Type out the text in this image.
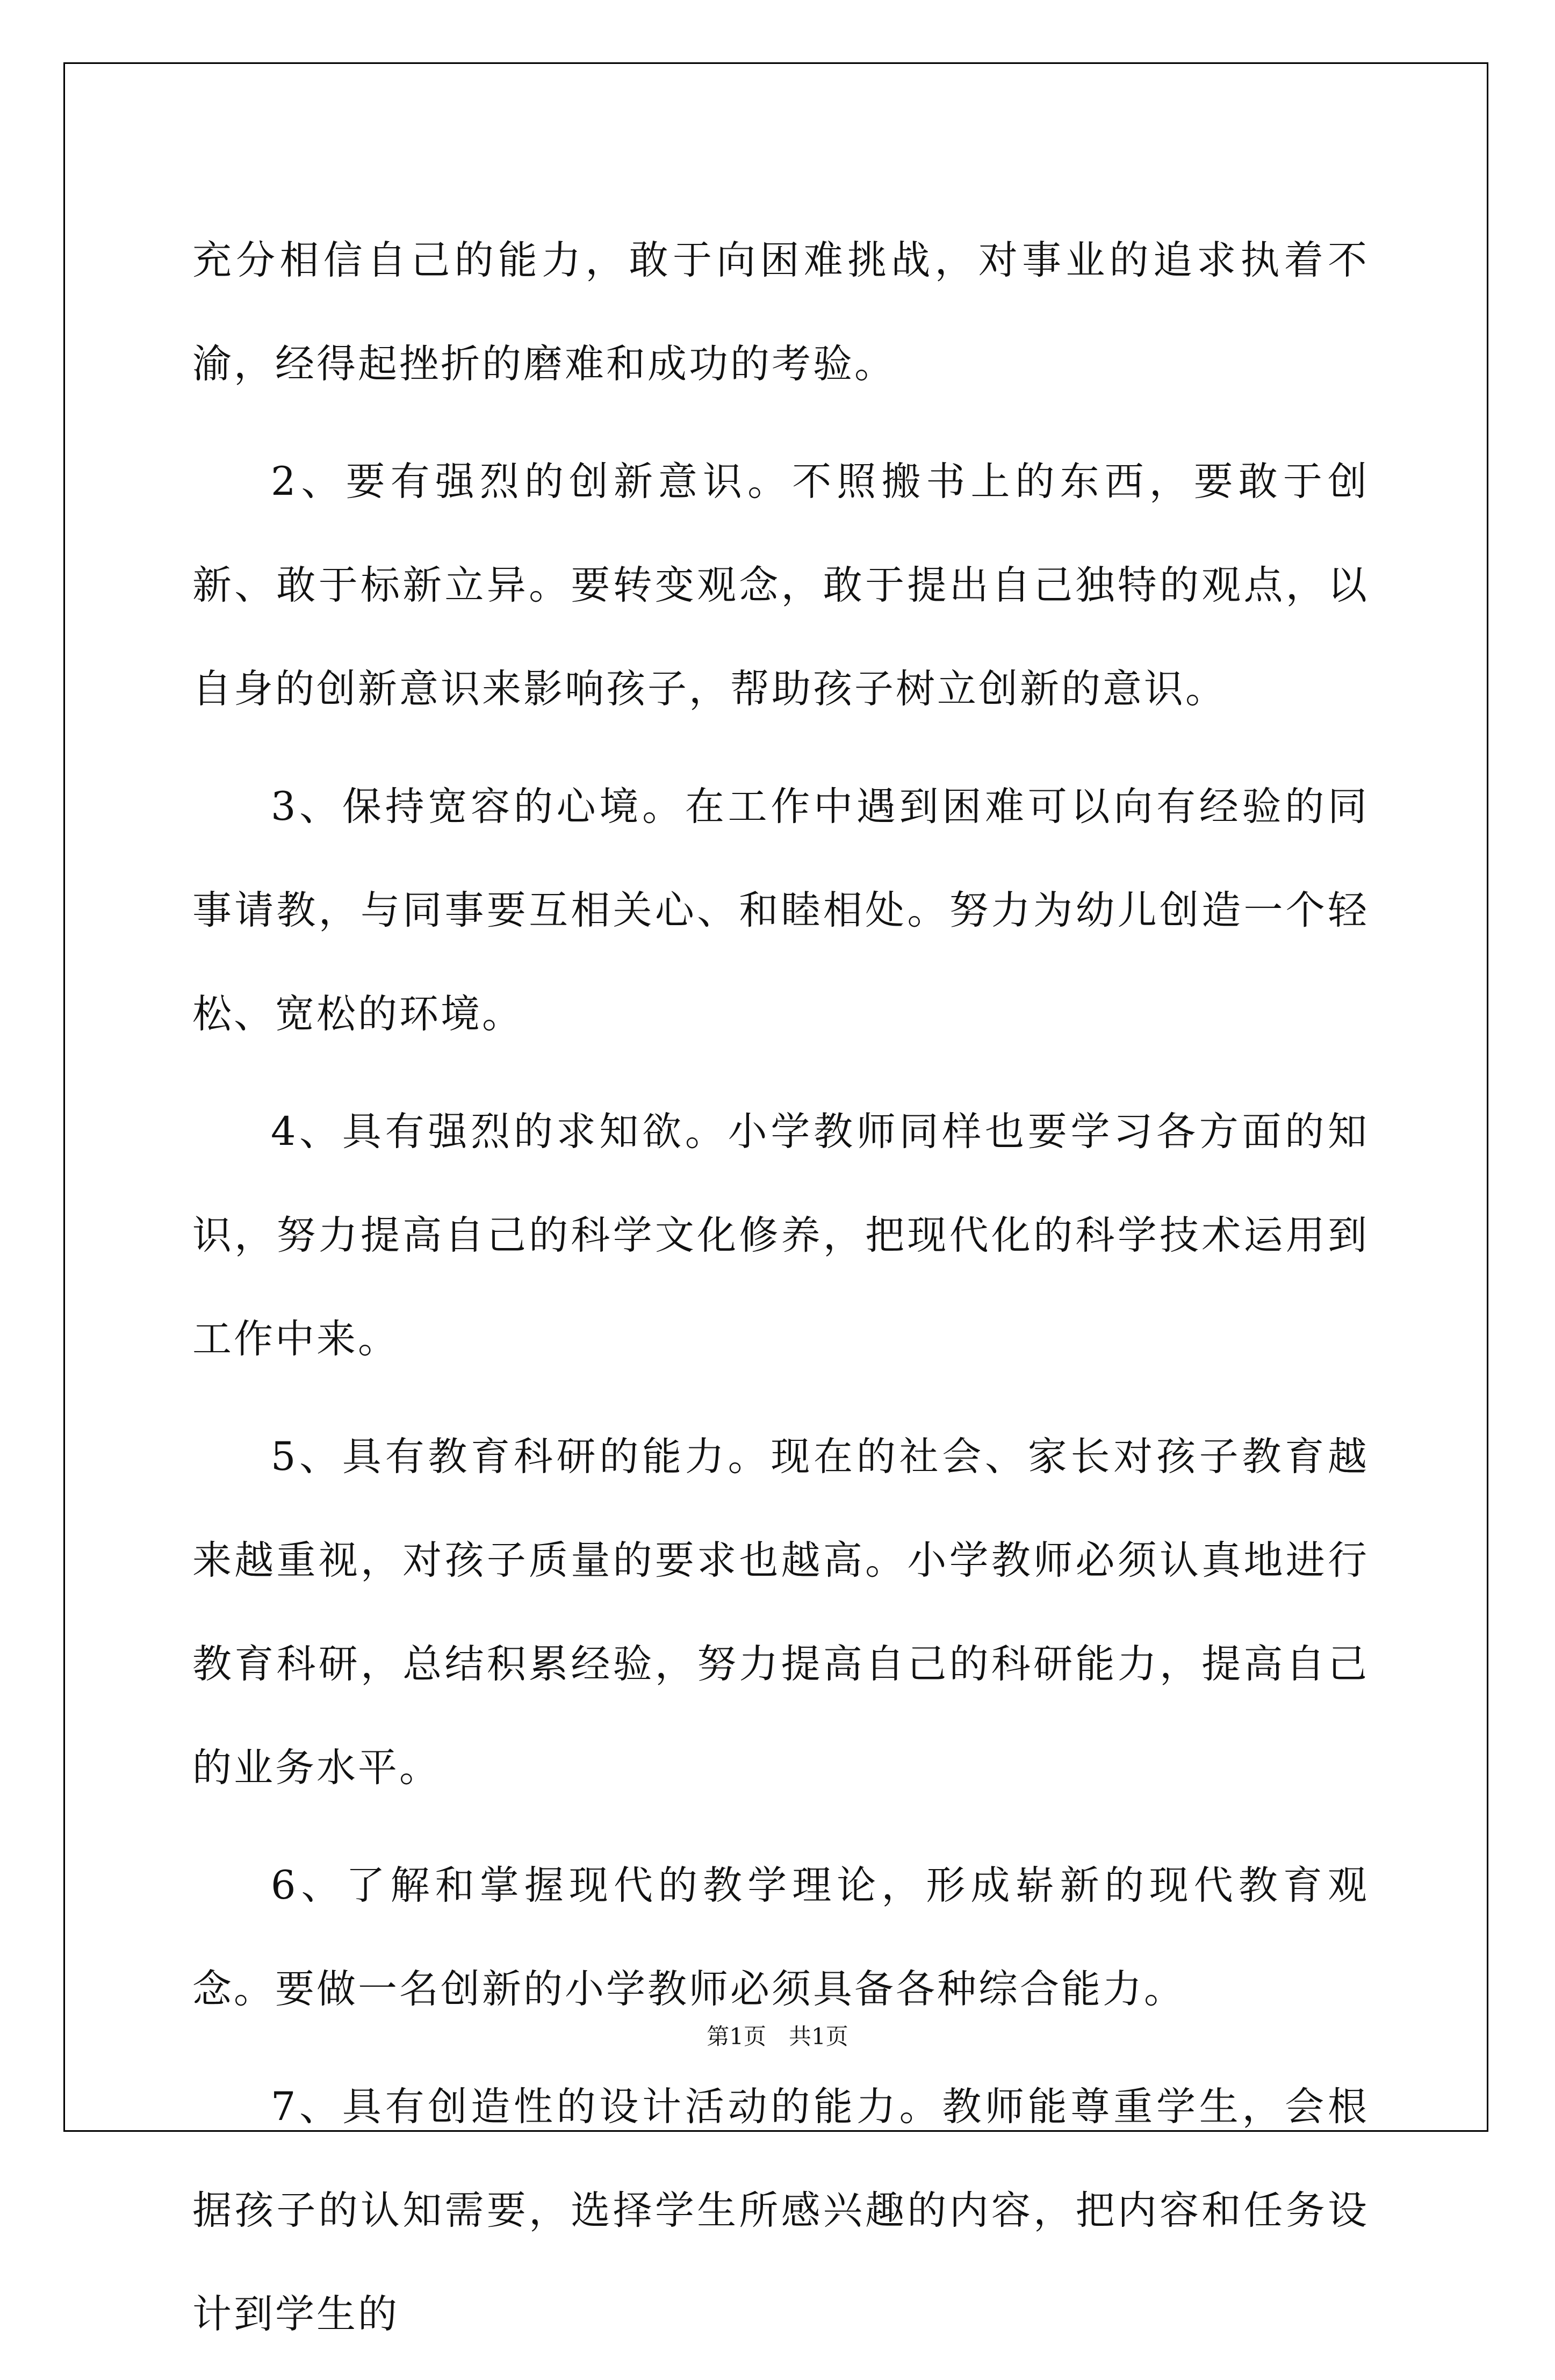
充分相信自己的能力，敢于向困难挑战，对事业的追求执着不渝，经得起挫折的磨难和成功的考验。

2、要有强烈的创新意识。不照搬书上的东西，要敢于创新、敢于标新立异。要转变观念，敢于提出自己独特的观点，以自身的创新意识来影响孩子，帮助孩子树立创新的意识。

3、保持宽容的心境。在工作中遇到困难可以向有经验的同事请教，与同事要互相关心、和睦相处。努力为幼儿创造一个轻松、宽松的环境。

4、具有强烈的求知欲。小学教师同样也要学习各方面的知识，努力提高自己的科学文化修养，把现代化的科学技术运用到工作中来。

5、具有教育科研的能力。现在的社会、家长对孩子教育越来越重视，对孩子质量的要求也越高。小学教师必须认真地进行教育科研，总结积累经验，努力提高自己的科研能力，提高自己的业务水平。

6、了解和掌握现代的教学理论，形成崭新的现代教育观念。要做一名创新的小学教师必须具备各种综合能力。

7、具有创造性的设计活动的能力。教师能尊重学生，会根据孩子的认知需要，选择学生所感兴趣的内容，把内容和任务设计到学生的

第1页　共1页
